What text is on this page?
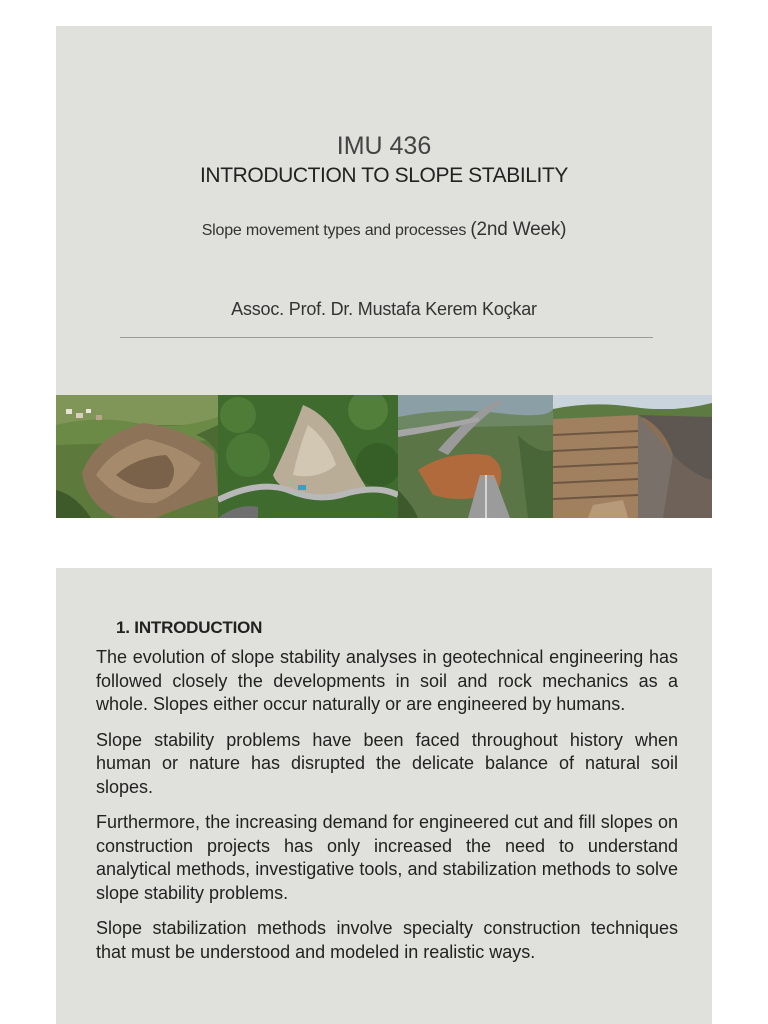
IMU 436
INTRODUCTION TO SLOPE STABILITY
Slope movement types and processes (2nd Week)
Assoc. Prof. Dr. Mustafa Kerem Koçkar
1. INTRODUCTION

The evolution of slope stability analyses in geotechnical engineering has followed closely the developments in soil and rock mechanics as a whole. Slopes either occur naturally or are engineered by humans.

Slope stability problems have been faced throughout history when human or nature has disrupted the delicate balance of natural soil slopes.

Furthermore, the increasing demand for engineered cut and fill slopes on construction projects has only increased the need to understand analytical methods, investigative tools, and stabilization methods to solve slope stability problems.

Slope stabilization methods involve specialty construction techniques that must be understood and modeled in realistic ways.
